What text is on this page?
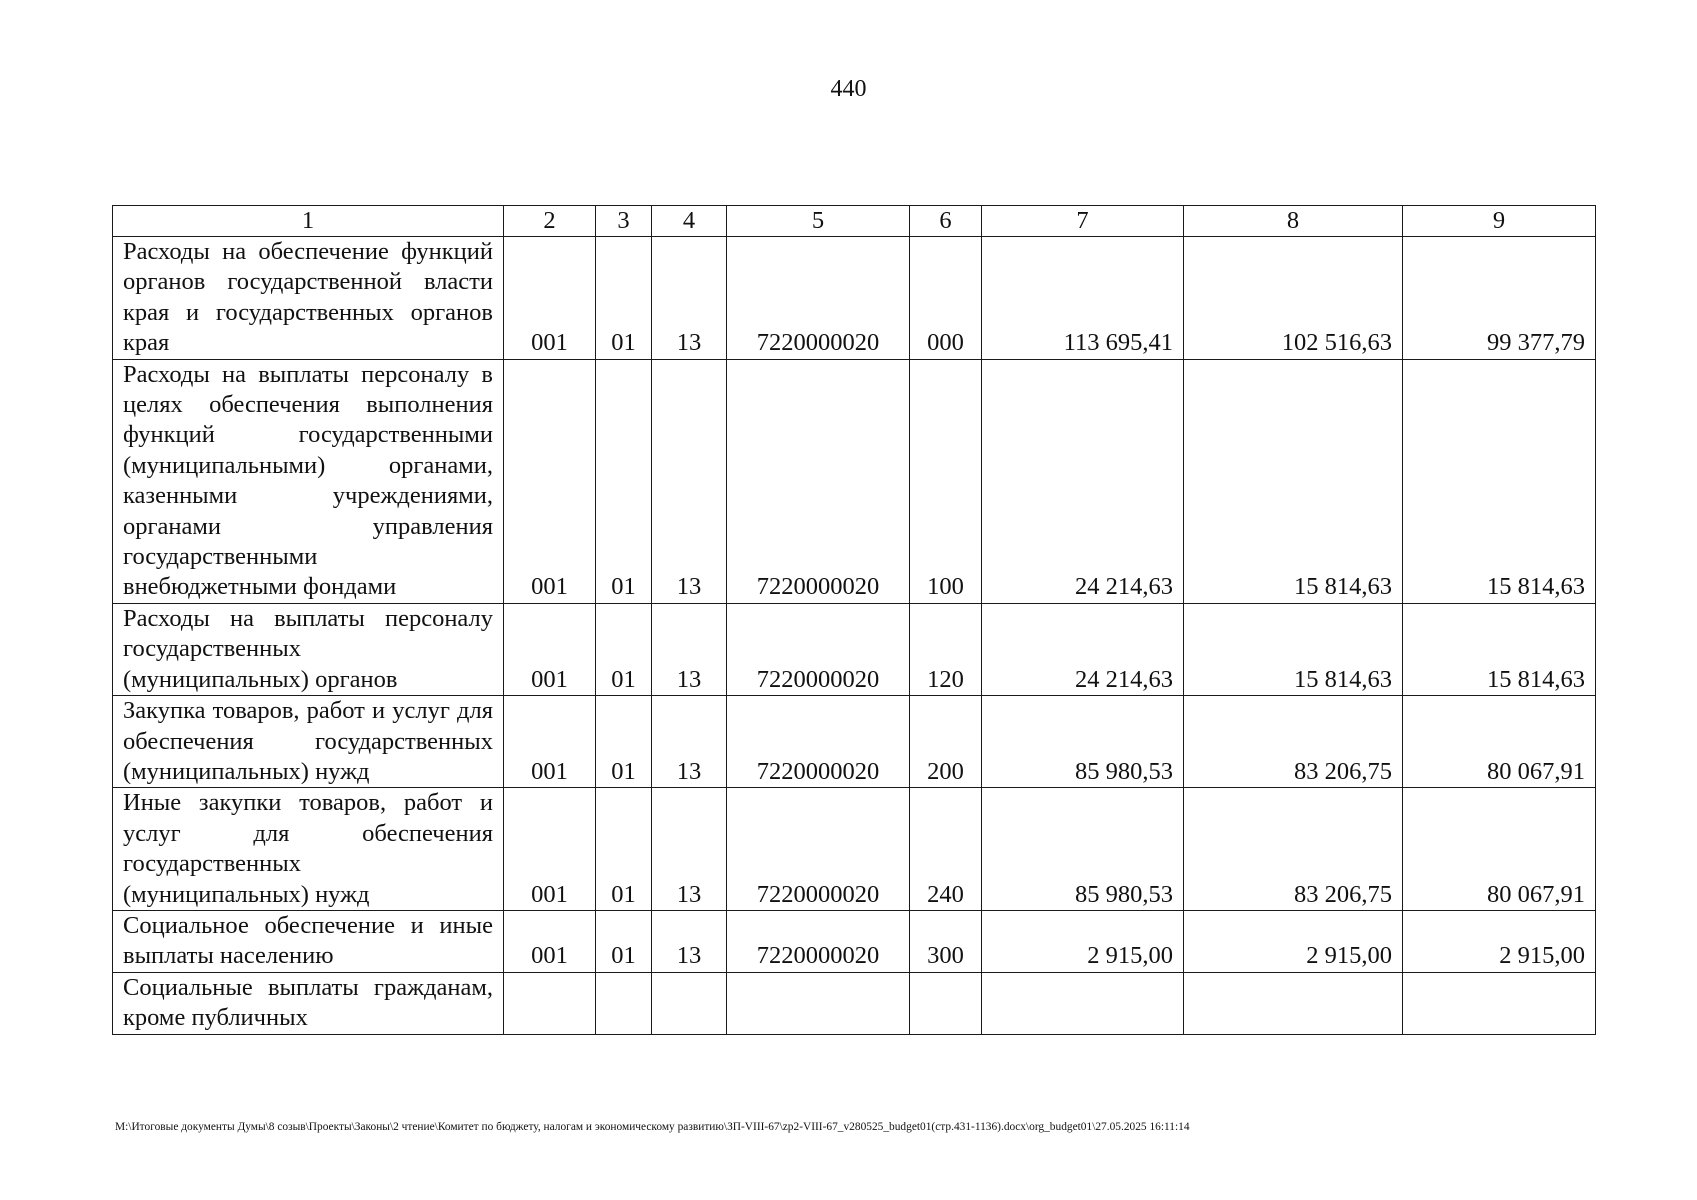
440
1	2	3	4	5	6	7	8	9
Расходы на обеспечение функций органов государственной власти края и государственных органов края	001	01	13	7220000020	000	113 695,41	102 516,63	99 377,79
Расходы на выплаты персоналу в целях обеспечения выполнения функций государственными (муниципальными) органами, казенными учреждениями, органами управления государственными внебюджетными фондами	001	01	13	7220000020	100	24 214,63	15 814,63	15 814,63
Расходы на выплаты персоналу государственных (муниципальных) органов	001	01	13	7220000020	120	24 214,63	15 814,63	15 814,63
Закупка товаров, работ и услуг для обеспечения государственных (муниципальных) нужд	001	01	13	7220000020	200	85 980,53	83 206,75	80 067,91
Иные закупки товаров, работ и услуг для обеспечения государственных (муниципальных) нужд	001	01	13	7220000020	240	85 980,53	83 206,75	80 067,91
Социальное обеспечение и иные выплаты населению	001	01	13	7220000020	300	2 915,00	2 915,00	2 915,00
Социальные выплаты гражданам, кроме публичных								
M:\Итоговые документы Думы\8 созыв\Проекты\Законы\2 чтение\Комитет по бюджету, налогам и экономическому развитию\ЗП-VIII-67\zp2-VIII-67_v280525_budget01(стр.431-1136).docx\org_budget01\27.05.2025 16:11:14
